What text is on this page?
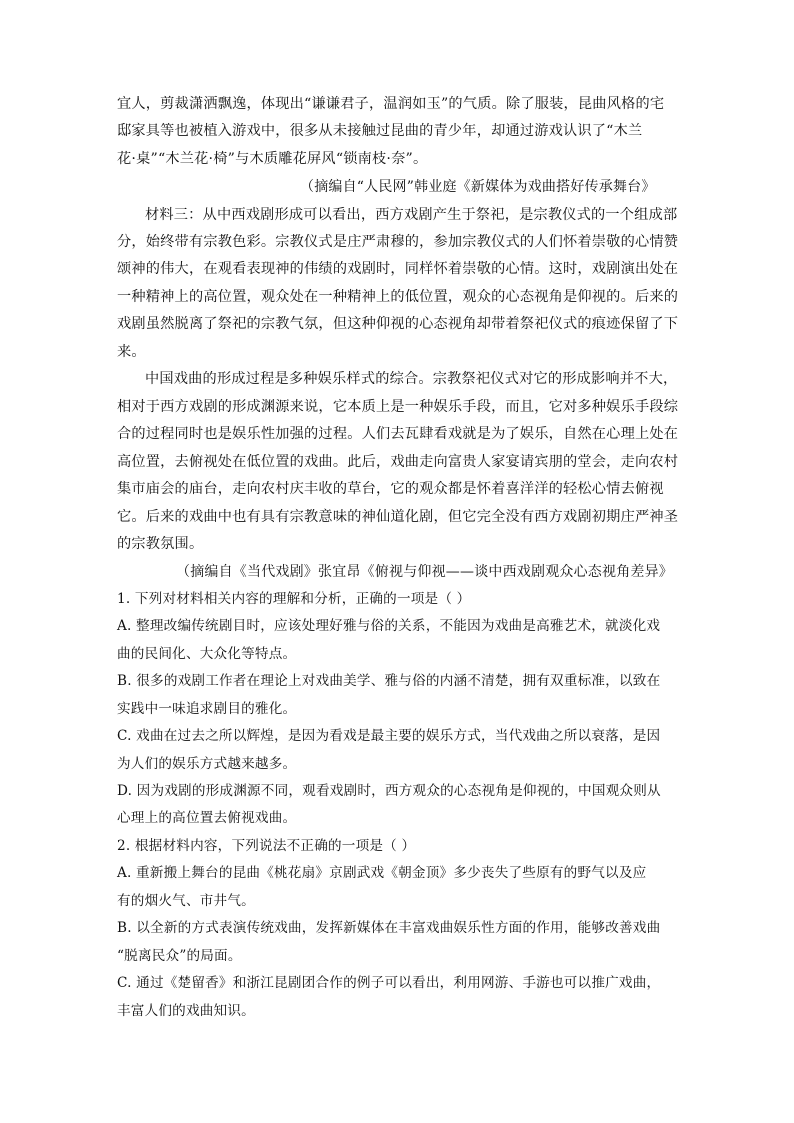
宜人，剪裁潇洒飘逸，体现出“谦谦君子，温润如玉”的气质。除了服装，昆曲风格的宅
邸家具等也被植入游戏中，很多从未接触过昆曲的青少年，却通过游戏认识了“木兰
花·桌”“木兰花·椅”与木质雕花屏风“锁南枝·奈”。
（摘编自“人民网”韩业庭《新媒体为戏曲搭好传承舞台》
材料三：从中西戏剧形成可以看出，西方戏剧产生于祭祀，是宗教仪式的一个组成部
分，始终带有宗教色彩。宗教仪式是庄严肃穆的，参加宗教仪式的人们怀着崇敬的心情赞
颂神的伟大，在观看表现神的伟绩的戏剧时，同样怀着崇敬的心情。这时，戏剧演出处在
一种精神上的高位置，观众处在一种精神上的低位置，观众的心态视角是仰视的。后来的
戏剧虽然脱离了祭祀的宗教气氛，但这种仰视的心态视角却带着祭祀仪式的痕迹保留了下
来。
中国戏曲的形成过程是多种娱乐样式的综合。宗教祭祀仪式对它的形成影响并不大，
相对于西方戏剧的形成渊源来说，它本质上是一种娱乐手段，而且，它对多种娱乐手段综
合的过程同时也是娱乐性加强的过程。人们去瓦肆看戏就是为了娱乐，自然在心理上处在
高位置，去俯视处在低位置的戏曲。此后，戏曲走向富贵人家宴请宾朋的堂会，走向农村
集市庙会的庙台，走向农村庆丰收的草台，它的观众都是怀着喜洋洋的轻松心情去俯视
它。后来的戏曲中也有具有宗教意味的神仙道化剧，但它完全没有西方戏剧初期庄严神圣
的宗教氛围。
（摘编自《当代戏剧》张宜昂《俯视与仰视——谈中西戏剧观众心态视角差异》
1. 下列对材料相关内容的理解和分析，正确的一项是（ ）
A. 整理改编传统剧目时，应该处理好雅与俗的关系，不能因为戏曲是高雅艺术，就淡化戏
曲的民间化、大众化等特点。
B. 很多的戏剧工作者在理论上对戏曲美学、雅与俗的内涵不清楚，拥有双重标准，以致在
实践中一味追求剧目的雅化。
C. 戏曲在过去之所以辉煌，是因为看戏是最主要的娱乐方式，当代戏曲之所以衰落，是因
为人们的娱乐方式越来越多。
D. 因为戏剧的形成渊源不同，观看戏剧时，西方观众的心态视角是仰视的，中国观众则从
心理上的高位置去俯视戏曲。
2. 根据材料内容，下列说法不正确的一项是（ ）
A. 重新搬上舞台的昆曲《桃花扇》京剧武戏《朝金顶》多少丧失了些原有的野气以及应
有的烟火气、市井气。
B. 以全新的方式表演传统戏曲，发挥新媒体在丰富戏曲娱乐性方面的作用，能够改善戏曲
“脱离民众”的局面。
C. 通过《楚留香》和浙江昆剧团合作的例子可以看出，利用网游、手游也可以推广戏曲，
丰富人们的戏曲知识。
